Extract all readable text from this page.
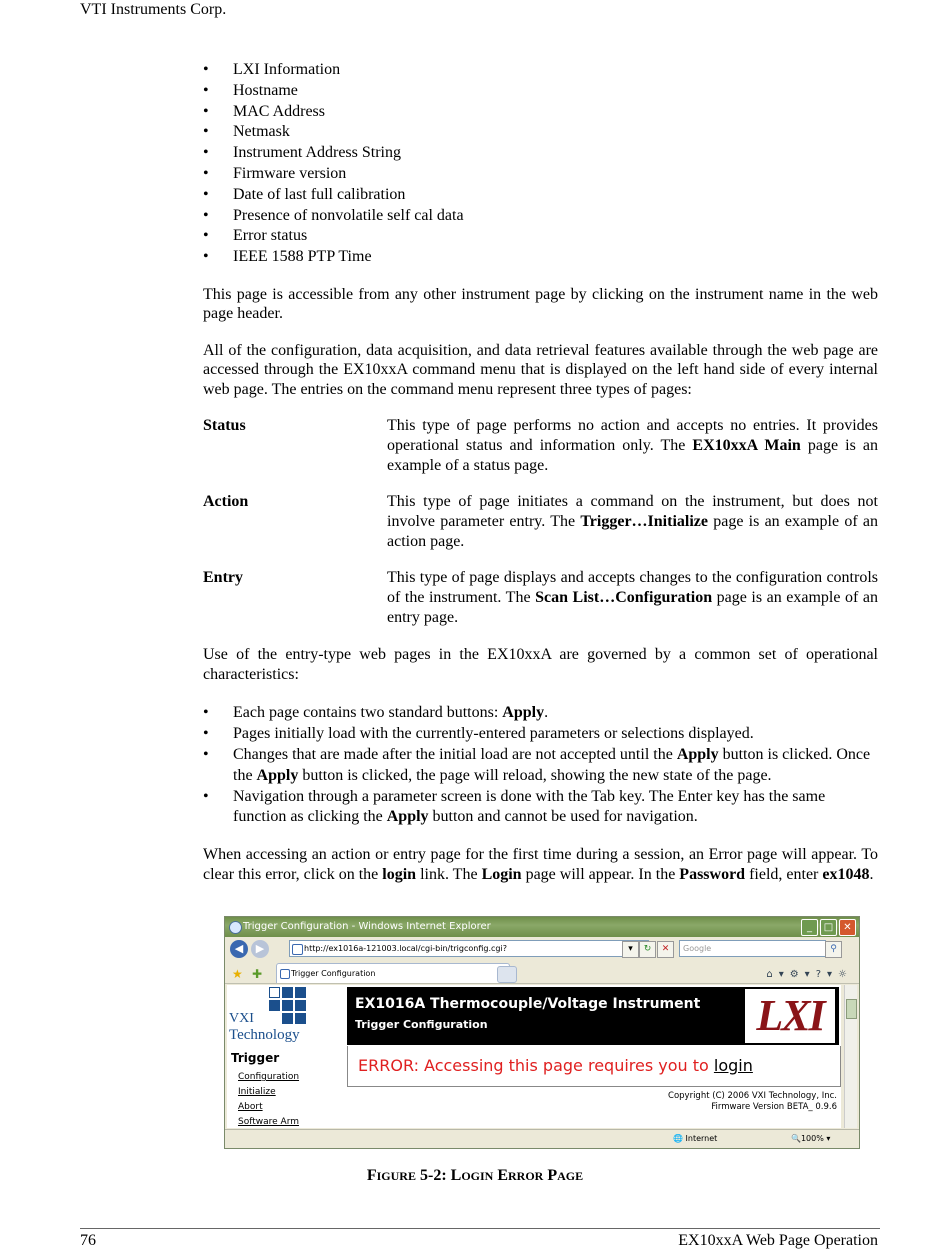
VTI Instruments Corp.
• LXI Information
• Hostname
• MAC Address
• Netmask
• Instrument Address String
• Firmware version
• Date of last full calibration
• Presence of nonvolatile self cal data
• Error status
• IEEE 1588 PTP Time

This page is accessible from any other instrument page by clicking on the instrument name in the web page header.

All of the configuration, data acquisition, and data retrieval features available through the web page are accessed through the EX10xxA command menu that is displayed on the left hand side of every internal web page. The entries on the command menu represent three types of pages:

Status	This type of page performs no action and accepts no entries. It provides operational status and information only. The EX10xxA Main page is an example of a status page.
Action	This type of page initiates a command on the instrument, but does not involve parameter entry. The Trigger…Initialize page is an example of an action page.
Entry	This type of page displays and accepts changes to the configuration controls of the instrument. The Scan List…Configuration page is an example of an entry page.

Use of the entry-type web pages in the EX10xxA are governed by a common set of operational characteristics:

• Each page contains two standard buttons: Apply.
• Pages initially load with the currently-entered parameters or selections displayed.
• Changes that are made after the initial load are not accepted until the Apply button is clicked. Once the Apply button is clicked, the page will reload, showing the new state of the page.
• Navigation through a parameter screen is done with the Tab key. The Enter key has the same function as clicking the Apply button and cannot be used for navigation.

When accessing an action or entry page for the first time during a session, an Error page will appear. To clear this error, click on the login link. The Login page will appear. In the Password field, enter ex1048.

Trigger Configuration - Windows Internet Explorer	_	□	✕
◀	▶	http://ex1016a-121003.local/cgi-bin/trigconfig.cgi?	▾	↻	✕	Google	⚲
★ ✚	Trigger Configuration	⌂▾⚙▾?▾☼
VXI
Technology
Trigger
Configuration
Initialize
Abort
Software Arm
EX1016A Thermocouple/Voltage Instrument
Trigger Configuration	LXI
ERROR: Accessing this page requires you to login
Copyright (C) 2006 VXI Technology, Inc.
Firmware Version BETA_ 0.9.6
🌐 Internet	🔍100% ▾
FIGURE 5-2: LOGIN ERROR PAGE
76	EX10xxA Web Page Operation
